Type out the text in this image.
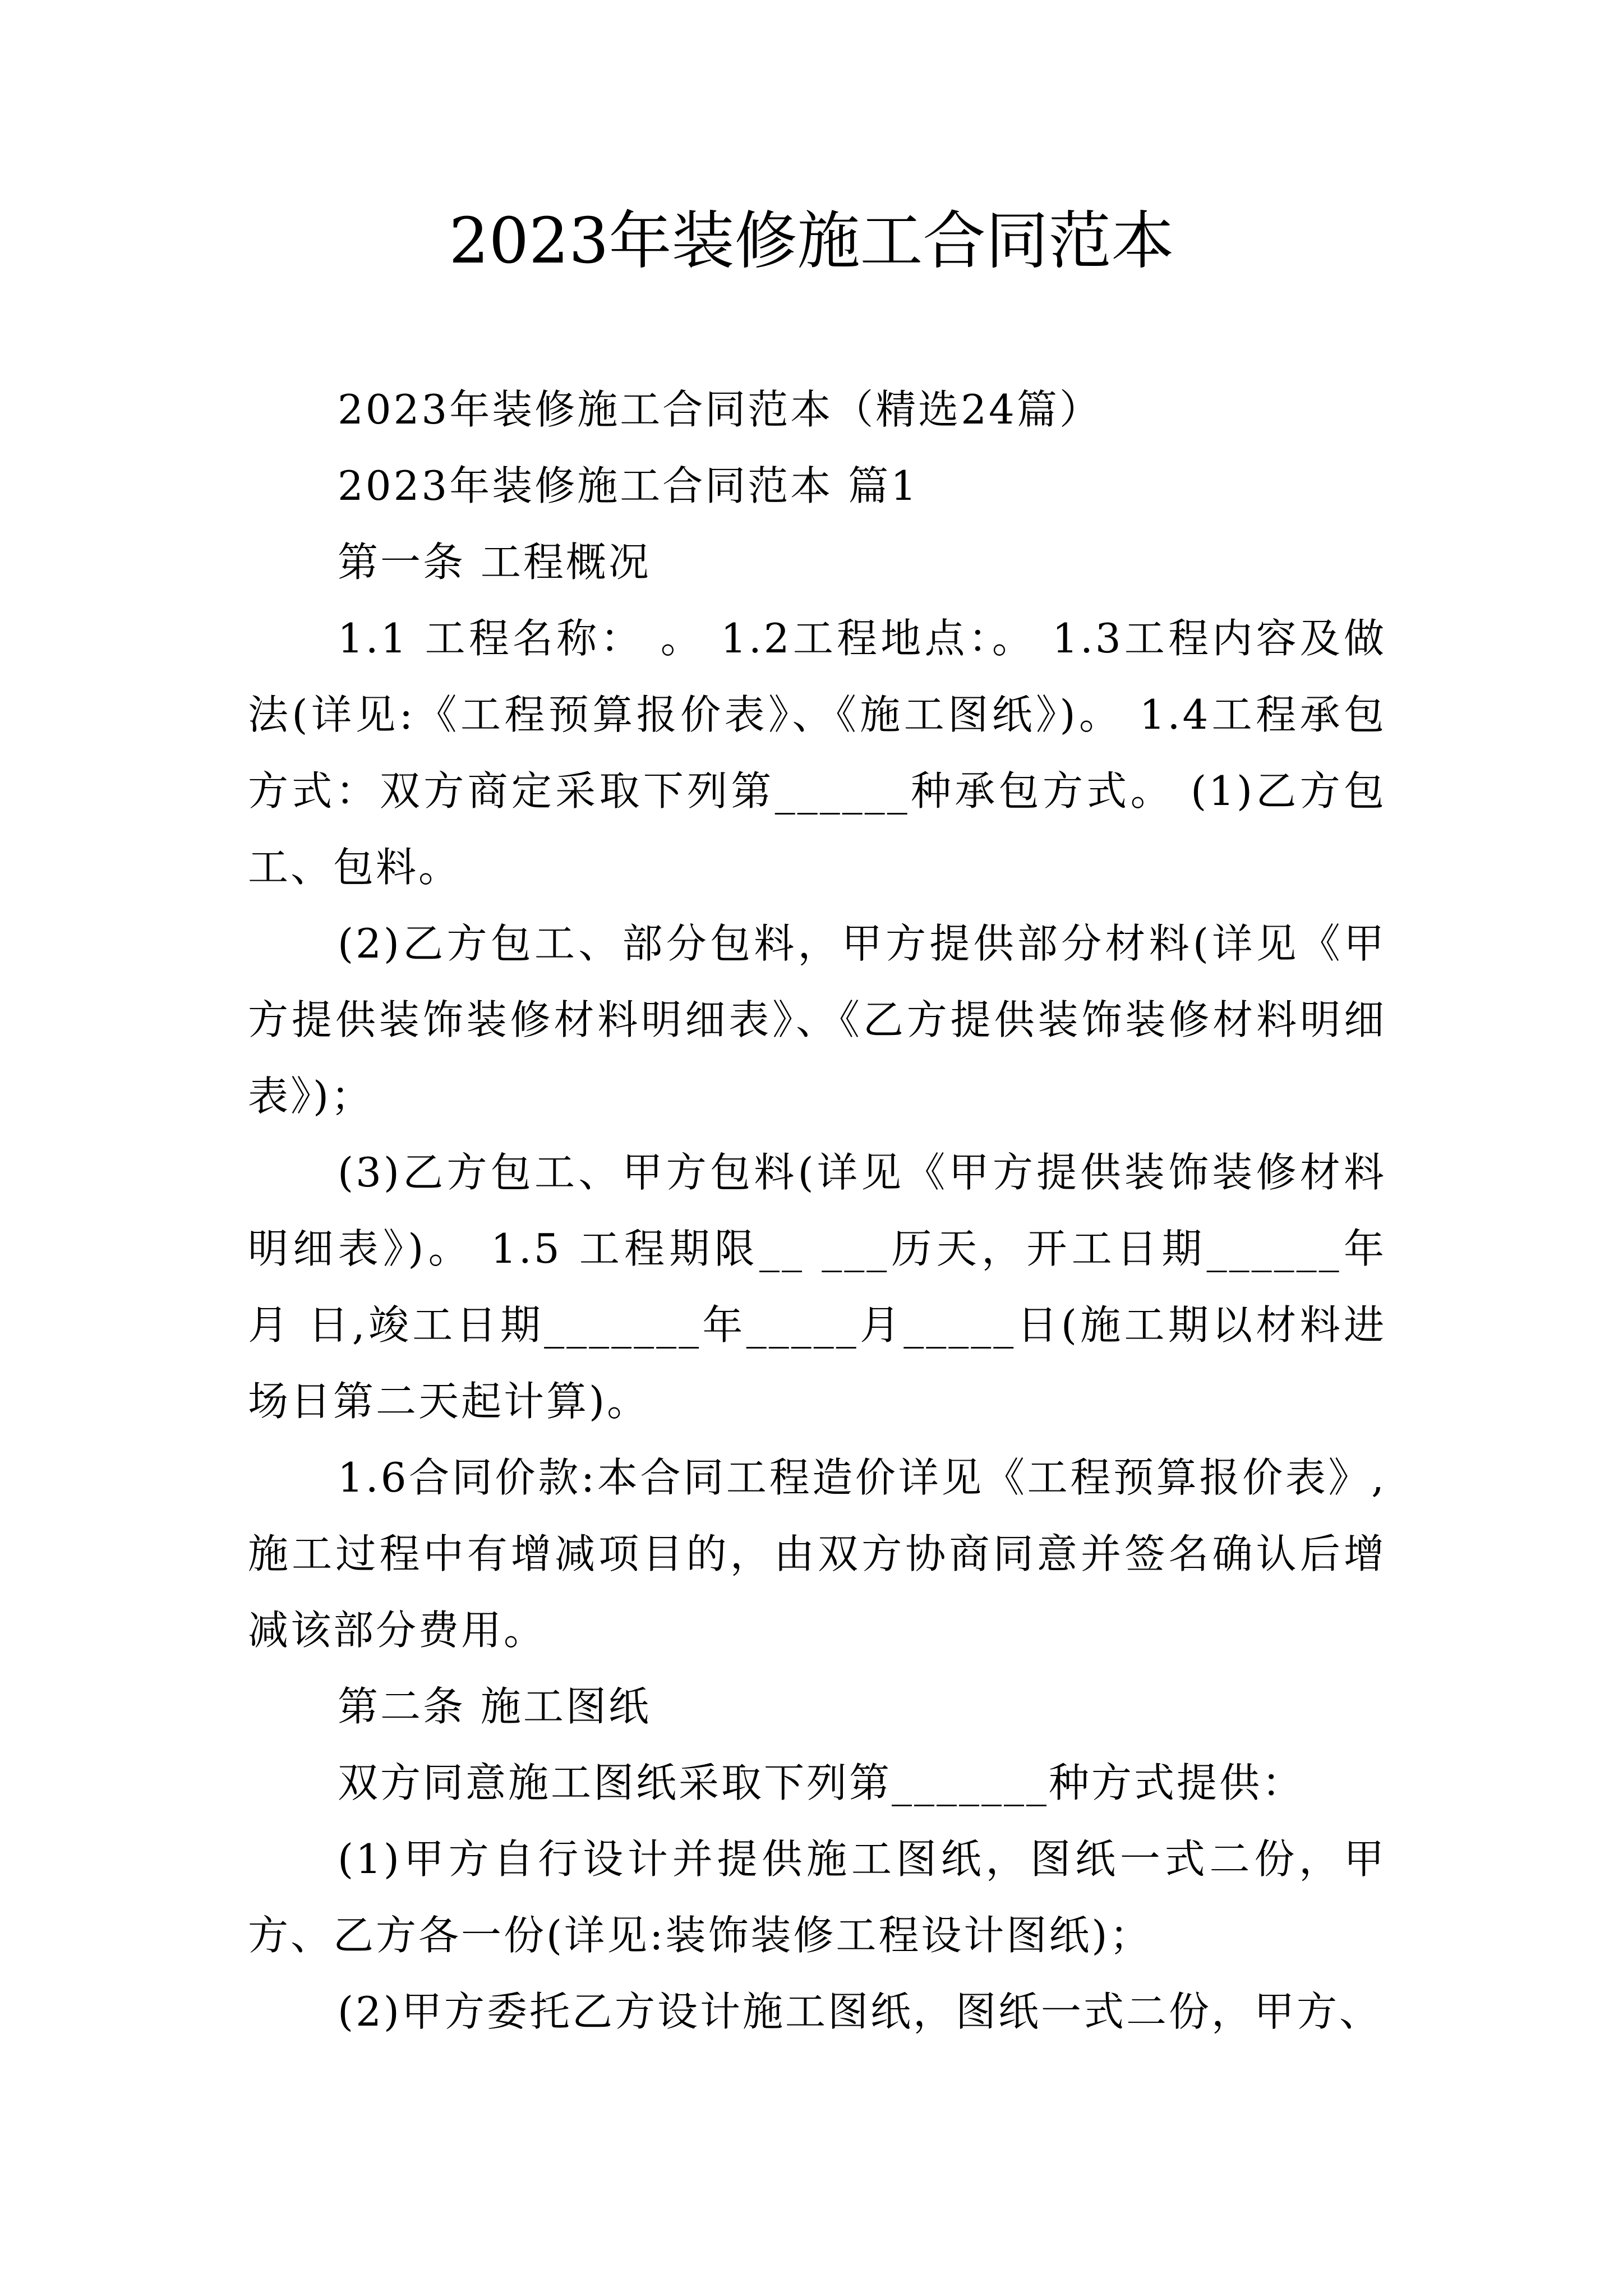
2023年装修施工合同范本

2023年装修施工合同范本（精选24篇）

2023年装修施工合同范本 篇1

第一条 工程概况

1.1 工程名称： 。 1.2工程地点：。 1.3工程内容及做法(详见:《工程预算报价表》、《施工图纸》)。 1.4工程承包方式：双方商定采取下列第______种承包方式。 (1)乙方包工、包料。

(2)乙方包工、部分包料，甲方提供部分材料(详见《甲方提供装饰装修材料明细表》、《乙方提供装饰装修材料明细表》)；

(3)乙方包工、甲方包料(详见《甲方提供装饰装修材料明细表》)。 1.5 工程期限__ ___历天，开工日期______年 月 日,竣工日期_______年_____月_____日(施工期以材料进场日第二天起计算)。

1.6合同价款:本合同工程造价详见《工程预算报价表》,施工过程中有增减项目的，由双方协商同意并签名确认后增减该部分费用。

第二条 施工图纸

双方同意施工图纸采取下列第_______种方式提供：

(1)甲方自行设计并提供施工图纸，图纸一式二份，甲方、乙方各一份(详见:装饰装修工程设计图纸)；

(2)甲方委托乙方设计施工图纸，图纸一式二份，甲方、
